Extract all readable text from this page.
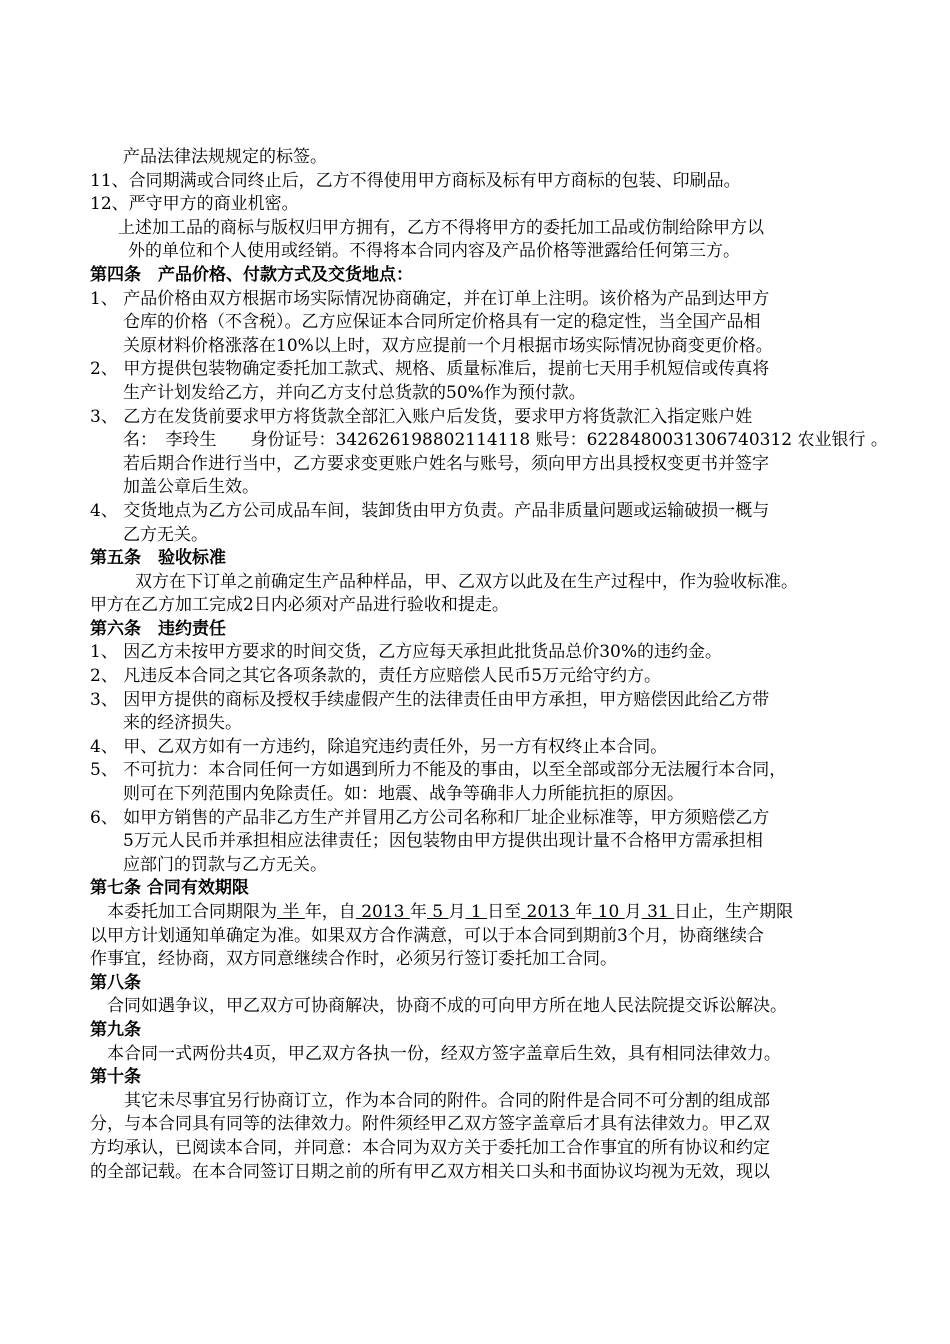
产品法律法规规定的标签。
11、合同期满或合同终止后，乙方不得使用甲方商标及标有甲方商标的包装、印刷品。
12、严守甲方的商业机密。
上述加工品的商标与版权归甲方拥有，乙方不得将甲方的委托加工品或仿制给除甲方以
外的单位和个人使用或经销。不得将本合同内容及产品价格等泄露给任何第三方。
第四条　产品价格、付款方式及交货地点：
1、 产品价格由双方根据市场实际情况协商确定，并在订单上注明。该价格为产品到达甲方
仓库的价格（不含税）。乙方应保证本合同所定价格具有一定的稳定性，当全国产品相
关原材料价格涨落在10%以上时，双方应提前一个月根据市场实际情况协商变更价格。
2、 甲方提供包装物确定委托加工款式、规格、质量标准后，提前七天用手机短信或传真将
生产计划发给乙方，并向乙方支付总货款的50%作为预付款。
3、 乙方在发货前要求甲方将货款全部汇入账户后发货，要求甲方将货款汇入指定账户姓
名：　李玲生　　身份证号：342626198802114118 账号：6228480031306740312 农业银行 。
若后期合作进行当中，乙方要求变更账户姓名与账号，须向甲方出具授权变更书并签字
加盖公章后生效。
4、 交货地点为乙方公司成品车间，装卸货由甲方负责。产品非质量问题或运输破损一概与
乙方无关。
第五条　验收标准
　双方在下订单之前确定生产品种样品，甲、乙双方以此及在生产过程中，作为验收标准。
甲方在乙方加工完成2日内必须对产品进行验收和提走。
第六条　违约责任
1、 因乙方未按甲方要求的时间交货，乙方应每天承担此批货品总价30%的违约金。
2、 凡违反本合同之其它各项条款的，责任方应赔偿人民币5万元给守约方。
3、 因甲方提供的商标及授权手续虚假产生的法律责任由甲方承担，甲方赔偿因此给乙方带
来的经济损失。
4、 甲、乙双方如有一方违约，除追究违约责任外，另一方有权终止本合同。
5、 不可抗力：本合同任何一方如遇到所力不能及的事由，以至全部或部分无法履行本合同，
则可在下列范围内免除责任。如：地震、战争等确非人力所能抗拒的原因。
6、 如甲方销售的产品非乙方生产并冒用乙方公司名称和厂址企业标准等，甲方须赔偿乙方
5万元人民币并承担相应法律责任；因包装物由甲方提供出现计量不合格甲方需承担相
应部门的罚款与乙方无关。
第七条 合同有效期限
　本委托加工合同期限为 半 年，自 2013 年 5 月 1 日至 2013 年 10 月 31 日止，生产期限
以甲方计划通知单确定为准。如果双方合作满意，可以于本合同到期前3个月，协商继续合
作事宜，经协商，双方同意继续合作时，必须另行签订委托加工合同。
第八条
　合同如遇争议，甲乙双方可协商解决，协商不成的可向甲方所在地人民法院提交诉讼解决。
第九条
　本合同一式两份共4页，甲乙双方各执一份，经双方签字盖章后生效，具有相同法律效力。
第十条
　　其它未尽事宜另行协商订立，作为本合同的附件。合同的附件是合同不可分割的组成部
分，与本合同具有同等的法律效力。附件须经甲乙双方签字盖章后才具有法律效力。甲乙双
方均承认，已阅读本合同，并同意：本合同为双方关于委托加工合作事宜的所有协议和约定
的全部记载。在本合同签订日期之前的所有甲乙双方相关口头和书面协议均视为无效，现以
